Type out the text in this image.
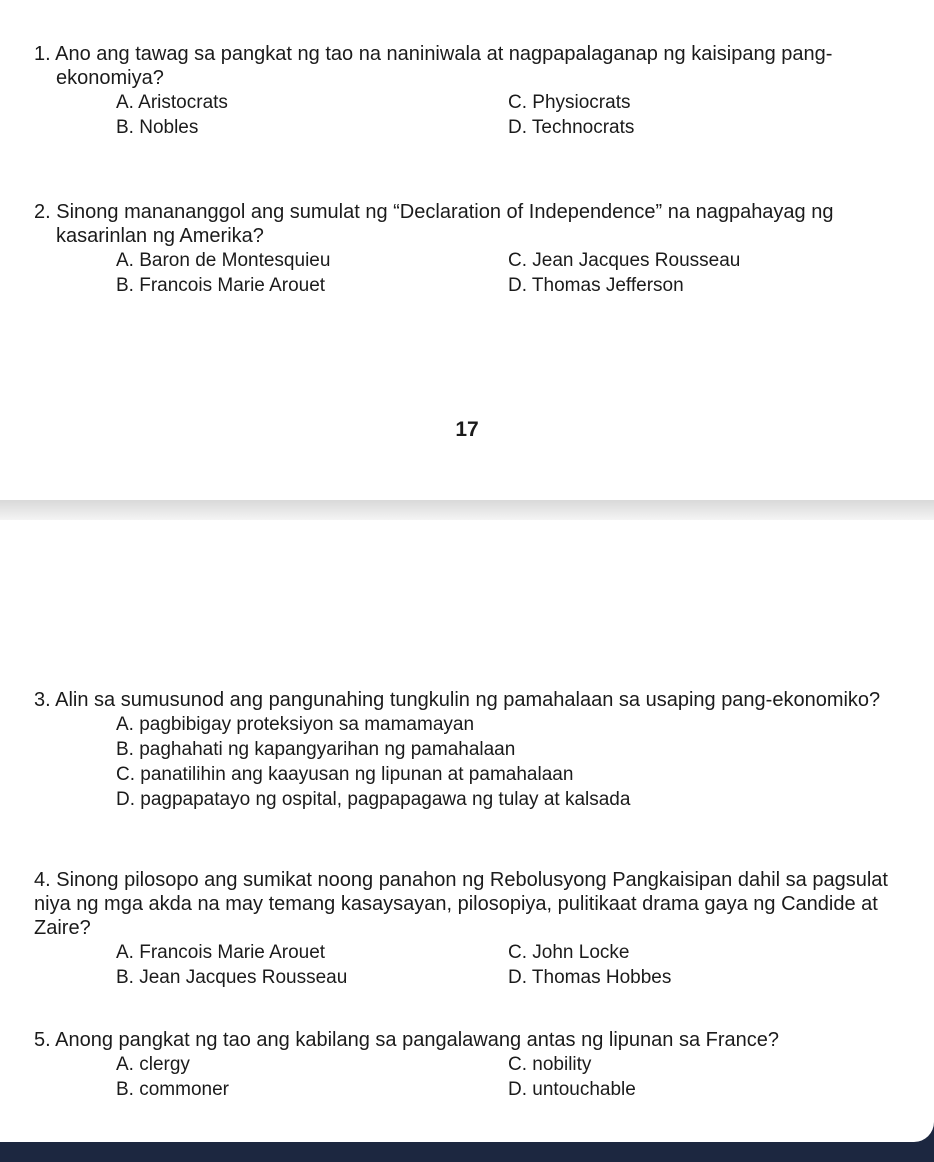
1. Ano ang tawag sa pangkat ng tao na naniniwala at nagpapalaganap ng kaisipang pang-ekonomiya?

A. Aristocrats	C. Physiocrats
B. Nobles	D. Technocrats

2. Sinong manananggol ang sumulat ng “Declaration of Independence” na nagpahayag ng kasarinlan ng Amerika?

A. Baron de Montesquieu	C. Jean Jacques Rousseau
B. Francois Marie Arouet	D. Thomas Jefferson
17

3. Alin sa sumusunod ang pangunahing tungkulin ng pamahalaan sa usaping pang-ekonomiko?

A. pagbibigay proteksiyon sa mamamayan
B. paghahati ng kapangyarihan ng pamahalaan
C. panatilihin ang kaayusan ng lipunan at pamahalaan
D. pagpapatayo ng ospital, pagpapagawa ng tulay at kalsada

4. Sinong pilosopo ang sumikat noong panahon ng Rebolusyong Pangkaisipan dahil sa pagsulat niya ng mga akda na may temang kasaysayan, pilosopiya, pulitikaat drama gaya ng Candide at Zaire?

A. Francois Marie Arouet	C. John Locke
B. Jean Jacques Rousseau	D. Thomas Hobbes

5. Anong pangkat ng tao ang kabilang sa pangalawang antas ng lipunan sa France?

A. clergy	C. nobility
B. commoner	D. untouchable
